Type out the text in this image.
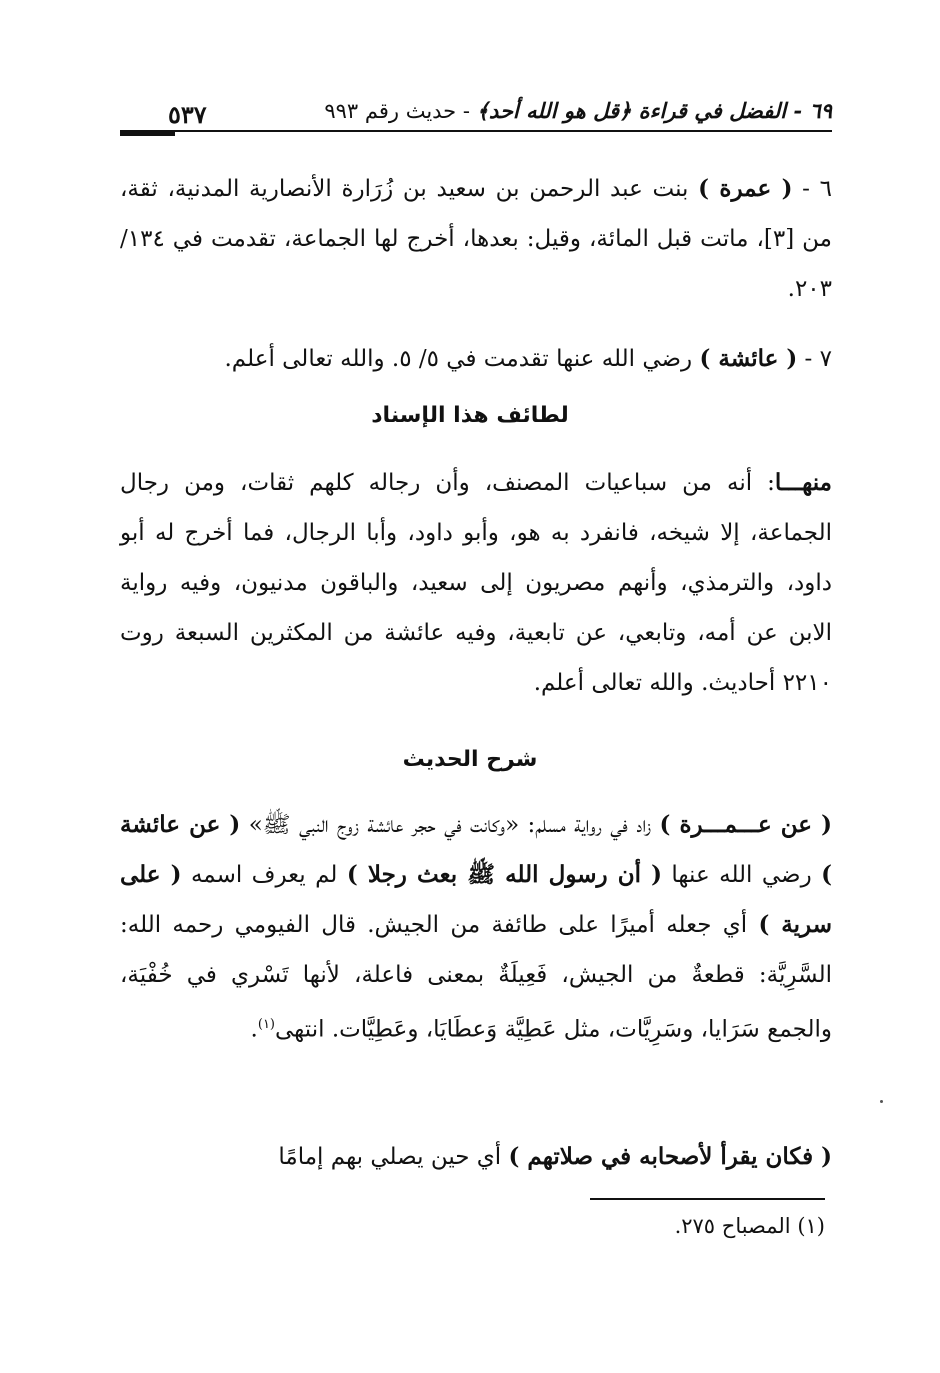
٦٩ - الفضل في قراءة ﴿قل هو الله أحد﴾ - حديث رقم ٩٩٣
٥٣٧
٦ - ( عمرة ) بنت عبد الرحمن بن سعيد بن زُرَارة الأنصارية المدنية، ثقة، من [٣]، ماتت قبل المائة، وقيل: بعدها، أخرج لها الجماعة، تقدمت في ١٣٤/ ٢٠٣.
٧ - ( عائشة ) رضي الله عنها تقدمت في ٥/ ٥. والله تعالى أعلم.
لطائف هذا الإسناد
منهـــا: أنه من سباعيات المصنف، وأن رجاله كلهم ثقات، ومن رجال الجماعة، إلا شيخه، فانفرد به هو، وأبو داود، وأبا الرجال، فما أخرج له أبو داود، والترمذي، وأنهم مصريون إلى سعيد، والباقون مدنيون، وفيه رواية الابن عن أمه، وتابعي، عن تابعية، وفيه عائشة من المكثرين السبعة روت ٢٢١٠ أحاديث. والله تعالى أعلم.
شرح الحديث
( عن عـــمـــرة ) زاد في رواية مسلم: «وكانت في حجر عائشة زوج النبي ﷺ» ( عن عائشة ) رضي الله عنها ( أن رسول الله ﷺ بعث رجلا ) لم يعرف اسمه ( على سرية ) أي جعله أميرًا على طائفة من الجيش. قال الفيومي رحمه الله: السَّرِيَّة: قطعةٌ من الجيش، فَعِيلَةٌ بمعنى فاعلة، لأنها تَسْري في خُفْيَة، والجمع سَرَايا، وسَرِيَّات، مثل عَطِيَّة وَعطَايَا، وعَطِيَّات. انتهى$^{(١)}$.
( فكان يقرأ لأصحابه في صلاتهم ) أي حين يصلي بهم إمامًا
(١) المصباح ٢٧٥.
